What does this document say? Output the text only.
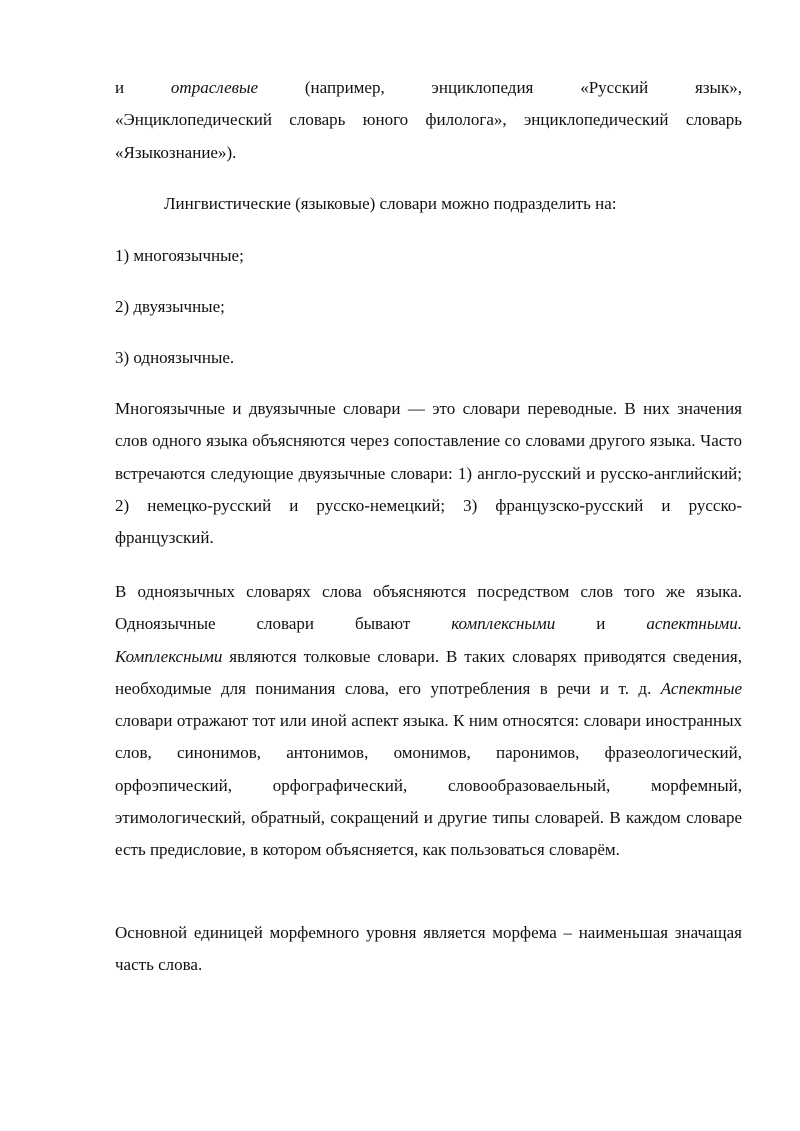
и отраслевые (например, энциклопедия «Русский язык»,
«Энциклопедический словарь юного филолога», энциклопедический словарь «Языкознание»).
Лингвистические (языковые) словари можно подразделить на:
1) многоязычные;
2) двуязычные;
3) одноязычные.
Многоязычные и двуязычные словари — это словари переводные. В них значения слов одного языка объясняются через сопоставление со словами другого языка. Часто встречаются следующие двуязычные словари: 1) англо-русский и русско-английский; 2) немецко-русский и русско-немецкий; 3) французско-русский и русско-французский.
В одноязычных словарях слова объясняются посредством слов того же языка.
Одноязычные словари бывают комплексными и аспектными.
Комплексными являются толковые словари. В таких словарях приводятся сведения, необходимые для понимания слова, его употребления в речи и т. д. Аспектные словари отражают тот или иной аспект языка. К ним относятся: словари иностранных слов, синонимов, антонимов, омонимов, паронимов, фразеологический, орфоэпический, орфографический, словообразоваельный, морфемный, этимологический, обратный, сокращений и другие типы словарей. В каждом словаре есть предисловие, в котором объясняется, как пользоваться словарём.
Основной единицей морфемного уровня является морфема – наименьшая значащая часть слова.
